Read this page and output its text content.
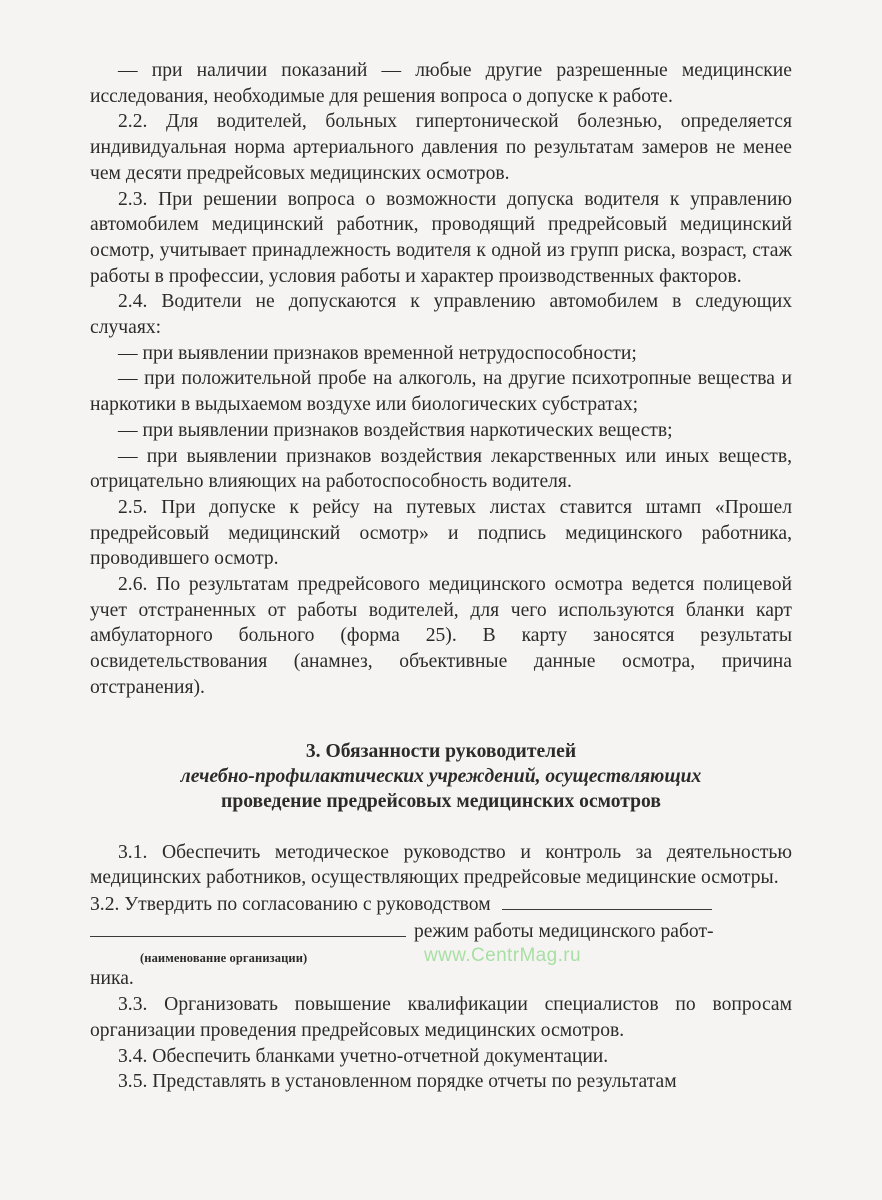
— при наличии показаний — любые другие разрешенные медицинские исследования, необходимые для решения вопроса о допуске к работе.

2.2. Для водителей, больных гипертонической болезнью, определяется индивидуальная норма артериального давления по результатам замеров не менее чем десяти предрейсовых медицинских осмотров.

2.3. При решении вопроса о возможности допуска водителя к управлению автомобилем медицинский работник, проводящий предрейсовый медицинский осмотр, учитывает принадлежность водителя к одной из групп риска, возраст, стаж работы в профессии, условия работы и характер производственных факторов.

2.4. Водители не допускаются к управлению автомобилем в следующих случаях:

— при выявлении признаков временной нетрудоспособности;

— при положительной пробе на алкоголь, на другие психотропные вещества и наркотики в выдыхаемом воздухе или биологических субстратах;

— при выявлении признаков воздействия наркотических веществ;

— при выявлении признаков воздействия лекарственных или иных веществ, отрицательно влияющих на работоспособность водителя.

2.5. При допуске к рейсу на путевых листах ставится штамп «Прошел предрейсовый медицинский осмотр» и подпись медицинского работника, проводившего осмотр.

2.6. По результатам предрейсового медицинского осмотра ведется полицевой учет отстраненных от работы водителей, для чего используются бланки карт амбулаторного больного (форма 25). В карту заносятся результаты освидетельствования (анамнез, объективные данные осмотра, причина отстранения).

3. Обязанности руководителей
лечебно-профилактических учреждений, осуществляющих
проведение предрейсовых медицинских осмотров

3.1. Обеспечить методическое руководство и контроль за деятельностью медицинских работников, осуществляющих предрейсовые медицинские осмотры.

3.2. Утвердить по согласованию с руководством

режим работы медицинского работ-

(наименование организации)	www.CentrMag.ru

ника.

3.3. Организовать повышение квалификации специалистов по вопросам организации проведения предрейсовых медицинских осмотров.

3.4. Обеспечить бланками учетно-отчетной документации.

3.5. Представлять в установленном порядке отчеты по результатам
